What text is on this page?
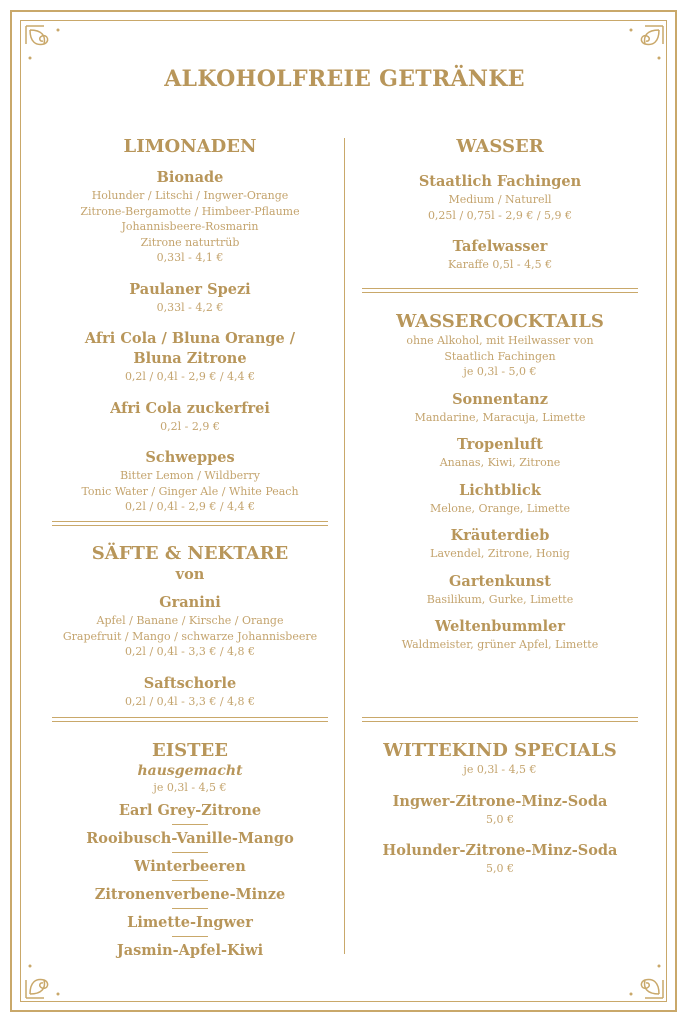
ALKOHOLFREIE GETRÄNKE
LIMONADEN
Bionade
Holunder / Litschi / Ingwer-Orange
Zitrone-Bergamotte / Himbeer-Pflaume
Johannisbeere-Rosmarin
Zitrone naturtrüb
0,33l - 4,1 €
Paulaner Spezi
0,33l - 4,2 €
Afri Cola / Bluna Orange /
Bluna Zitrone
0,2l / 0,4l - 2,9 € / 4,4 €
Afri Cola zuckerfrei
0,2l - 2,9 €
Schweppes
Bitter Lemon / Wildberry
Tonic Water / Ginger Ale / White Peach
0,2l / 0,4l - 2,9 € / 4,4 €
SÄFTE & NEKTARE
von
Granini
Apfel / Banane / Kirsche / Orange
Grapefruit / Mango / schwarze Johannisbeere
0,2l / 0,4l - 3,3 € / 4,8 €
Saftschorle
0,2l / 0,4l - 3,3 € / 4,8 €
EISTEE
hausgemacht
je 0,3l - 4,5 €
Earl Grey-Zitrone
Rooibusch-Vanille-Mango
Winterbeeren
Zitronenverbene-Minze
Limette-Ingwer
Jasmin-Apfel-Kiwi
WASSER
Staatlich Fachingen
Medium / Naturell
0,25l / 0,75l - 2,9 € / 5,9 €
Tafelwasser
Karaffe 0,5l - 4,5 €
WASSERCOCKTAILS
ohne Alkohol, mit Heilwasser von
Staatlich Fachingen
je 0,3l - 5,0 €
Sonnentanz
Mandarine, Maracuja, Limette
Tropenluft
Ananas, Kiwi, Zitrone
Lichtblick
Melone, Orange, Limette
Kräuterdieb
Lavendel, Zitrone, Honig
Gartenkunst
Basilikum, Gurke, Limette
Weltenbummler
Waldmeister, grüner Apfel, Limette
WITTEKIND SPECIALS
je 0,3l - 4,5 €
Ingwer-Zitrone-Minz-Soda
5,0 €
Holunder-Zitrone-Minz-Soda
5,0 €
